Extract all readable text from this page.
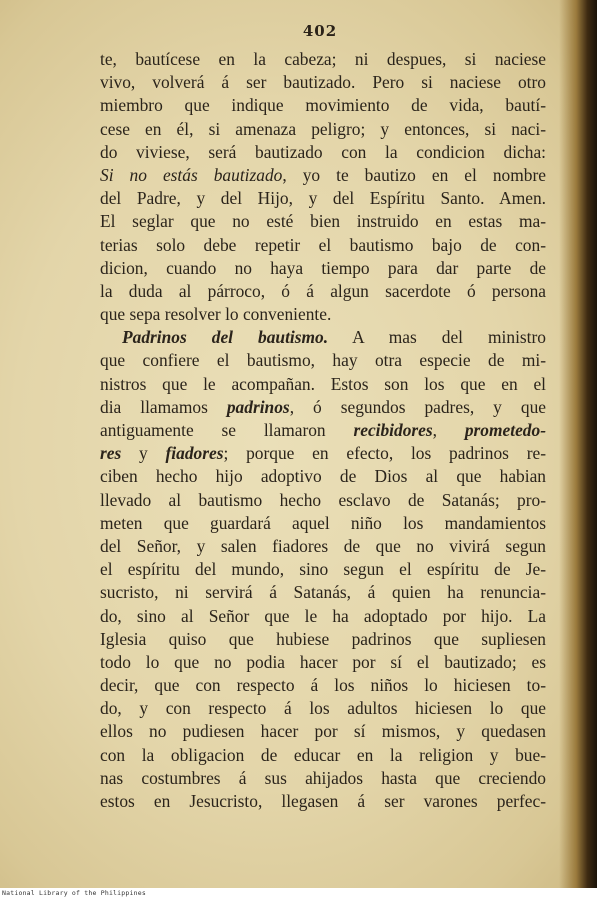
402
te, bautícese en la cabeza; ni despues, si naciese
vivo, volverá á ser bautizado. Pero si naciese otro
miembro que indique movimiento de vida, bautí-
cese en él, si amenaza peligro; y entonces, si naci-
do viviese, será bautizado con la condicion dicha:
Si no estás bautizado, yo te bautizo en el nombre
del Padre, y del Hijo, y del Espíritu Santo. Amen.
El seglar que no esté bien instruido en estas ma-
terias solo debe repetir el bautismo bajo de con-
dicion, cuando no haya tiempo para dar parte de
la duda al párroco, ó á algun sacerdote ó persona
que sepa resolver lo conveniente.
Padrinos del bautismo. A mas del ministro
que confiere el bautismo, hay otra especie de mi-
nistros que le acompañan. Estos son los que en el
dia llamamos padrinos, ó segundos padres, y que
antiguamente se llamaron recibidores, prometedo-
res y fiadores; porque en efecto, los padrinos re-
ciben hecho hijo adoptivo de Dios al que habian
llevado al bautismo hecho esclavo de Satanás; pro-
meten que guardará aquel niño los mandamientos
del Señor, y salen fiadores de que no vivirá segun
el espíritu del mundo, sino segun el espíritu de Je-
sucristo, ni servirá á Satanás, á quien ha renuncia-
do, sino al Señor que le ha adoptado por hijo. La
Iglesia quiso que hubiese padrinos que supliesen
todo lo que no podia hacer por sí el bautizado; es
decir, que con respecto á los niños lo hiciesen to-
do, y con respecto á los adultos hiciesen lo que
ellos no pudiesen hacer por sí mismos, y quedasen
con la obligacion de educar en la religion y bue-
nas costumbres á sus ahijados hasta que creciendo
estos en Jesucristo, llegasen á ser varones perfec-
National Library of the Philippines
